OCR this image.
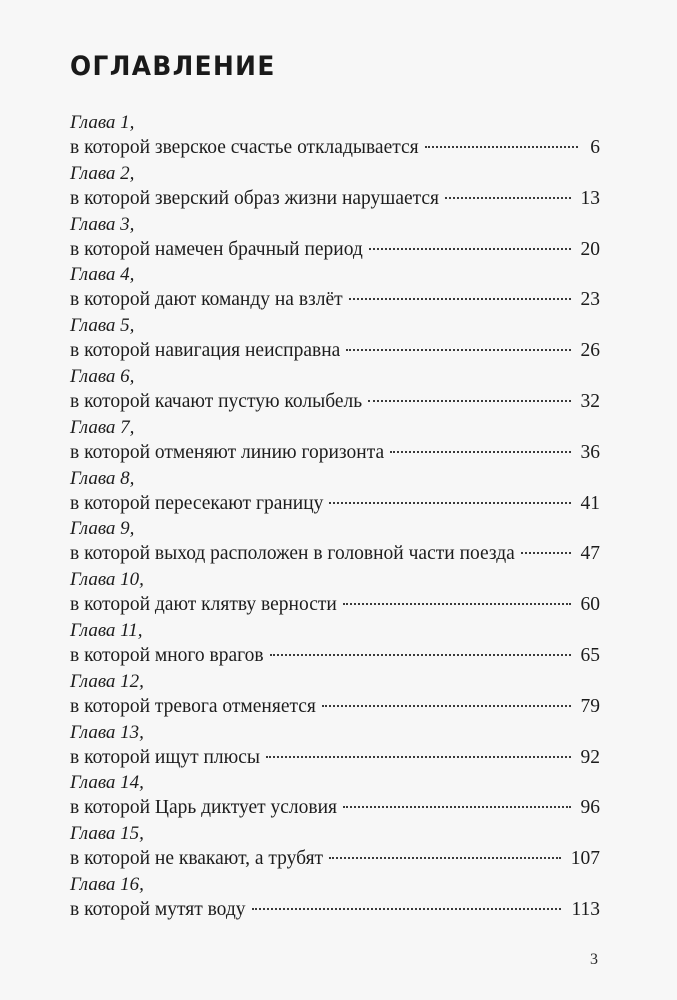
ОГЛАВЛЕНИЕ
Глава 1,
в которой зверское счастье откладывается	6
Глава 2,
в которой зверский образ жизни нарушается	13
Глава 3,
в которой намечен брачный период	20
Глава 4,
в которой дают команду на взлёт	23
Глава 5,
в которой навигация неисправна	26
Глава 6,
в которой качают пустую колыбель	32
Глава 7,
в которой отменяют линию горизонта	36
Глава 8,
в которой пересекают границу	41
Глава 9,
в которой выход расположен в головной части поезда	47
Глава 10,
в которой дают клятву верности	60
Глава 11,
в которой много врагов	65
Глава 12,
в которой тревога отменяется	79
Глава 13,
в которой ищут плюсы	92
Глава 14,
в которой Царь диктует условия	96
Глава 15,
в которой не квакают, а трубят	107
Глава 16,
в которой мутят воду	113
3
